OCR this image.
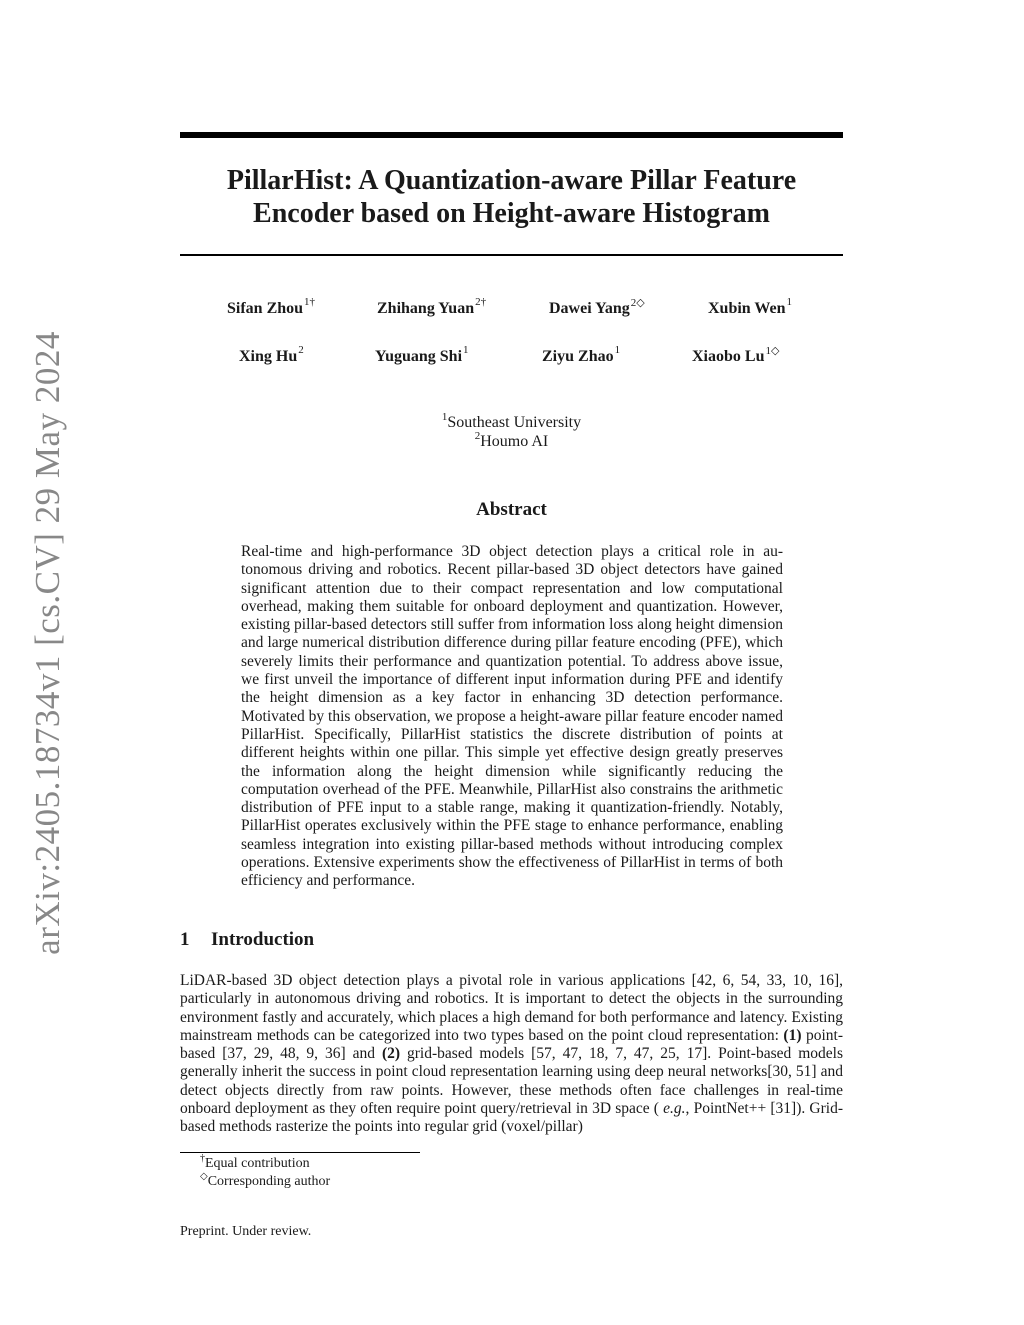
arXiv:2405.18734v1 [cs.CV] 29 May 2024
PillarHist: A Quantization-aware Pillar Feature
Encoder based on Height-aware Histogram
Sifan Zhou$^{1\dagger}$	Zhihang Yuan$^{2\dagger}$	Dawei Yang$^{2◇}$	Xubin Wen$^1$
Xing Hu$^2$	Yuguang Shi$^1$	Ziyu Zhao$^1$	Xiaobo $Lu^{1◇}$
$^1$Southeast University
$^2$Houmo AI
Abstract
Real-time and high-performance 3D object detection plays a critical role in autonomous driving and robotics. Recent pillar-based 3D object detectors have gained significant attention due to their compact representation and low computational overhead, making them suitable for onboard deployment and quantization. However, existing pillar-based detectors still suffer from information loss along height dimension and large numerical distribution difference during pillar feature encoding (PFE), which severely limits their performance and quantization potential. To address above issue, we first unveil the importance of different input information during PFE and identify the height dimension as a key factor in enhancing 3D detection performance. Motivated by this observation, we propose a height-aware pillar feature encoder named PillarHist. Specifically, PillarHist statistics the discrete distribution of points at different heights within one pillar. This simple yet effective design greatly preserves the information along the height dimension while significantly reducing the computation overhead of the PFE. Meanwhile, PillarHist also constrains the arithmetic distribution of PFE input to a stable range, making it quantization-friendly. Notably, PillarHist operates exclusively within the PFE stage to enhance performance, enabling seamless integration into existing pillar-based methods without introducing complex operations. Extensive experiments show the effectiveness of PillarHist in terms of both efficiency and performance.
1 Introduction
LiDAR-based 3D object detection plays a pivotal role in various applications [42, 6, 54, 33, 10, 16], particularly in autonomous driving and robotics. It is important to detect the objects in the surrounding environment fastly and accurately, which places a high demand for both performance and latency. Existing mainstream methods can be categorized into two types based on the point cloud representation: (1) point-based [37, 29, 48, 9, 36] and (2) grid-based models [57, 47, 18, 7, 47, 25, 17]. Point-based models generally inherit the success in point cloud representation learning using deep neural networks[30, 51] and detect objects directly from raw points. However, these methods often face challenges in real-time onboard deployment as they often require point query/retrieval in 3D space ( e.g., PointNet++ [31]). Grid-based methods rasterize the points into regular grid (voxel/pillar)
†Equal contribution
◇Corresponding author
Preprint. Under review.
